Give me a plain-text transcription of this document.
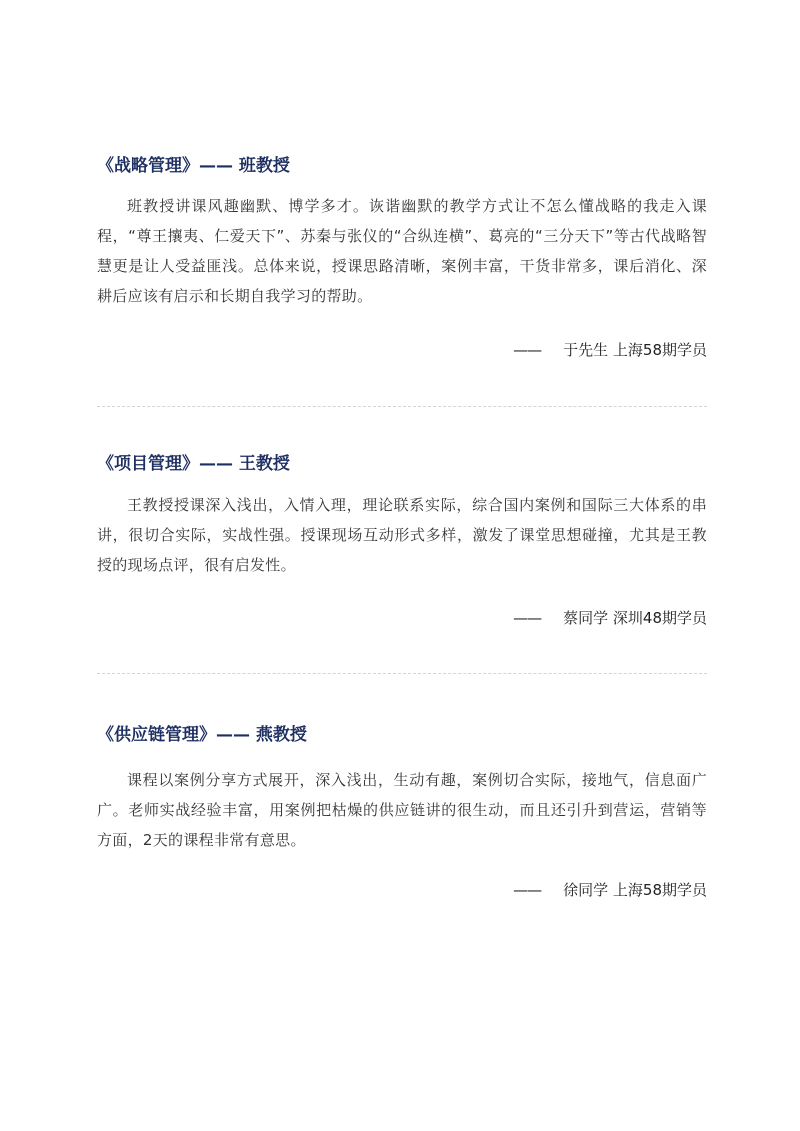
《战略管理》—— 班教授

班教授讲课风趣幽默、博学多才。诙谐幽默的教学方式让不怎么懂战略的我走入课程，“尊王攘夷、仁爱天下”、苏秦与张仪的“合纵连横”、葛亮的“三分天下”等古代战略智慧更是让人受益匪浅。总体来说，授课思路清晰，案例丰富，干货非常多，课后消化、深耕后应该有启示和长期自我学习的帮助。

—— 于先生 上海58期学员
《项目管理》—— 王教授

王教授授课深入浅出，入情入理，理论联系实际，综合国内案例和国际三大体系的串讲，很切合实际，实战性强。授课现场互动形式多样，激发了课堂思想碰撞，尤其是王教授的现场点评，很有启发性。

—— 蔡同学 深圳48期学员
《供应链管理》—— 燕教授

课程以案例分享方式展开，深入浅出，生动有趣，案例切合实际，接地气，信息面广广。老师实战经验丰富，用案例把枯燥的供应链讲的很生动，而且还引升到营运，营销等方面，2天的课程非常有意思。

—— 徐同学 上海58期学员
